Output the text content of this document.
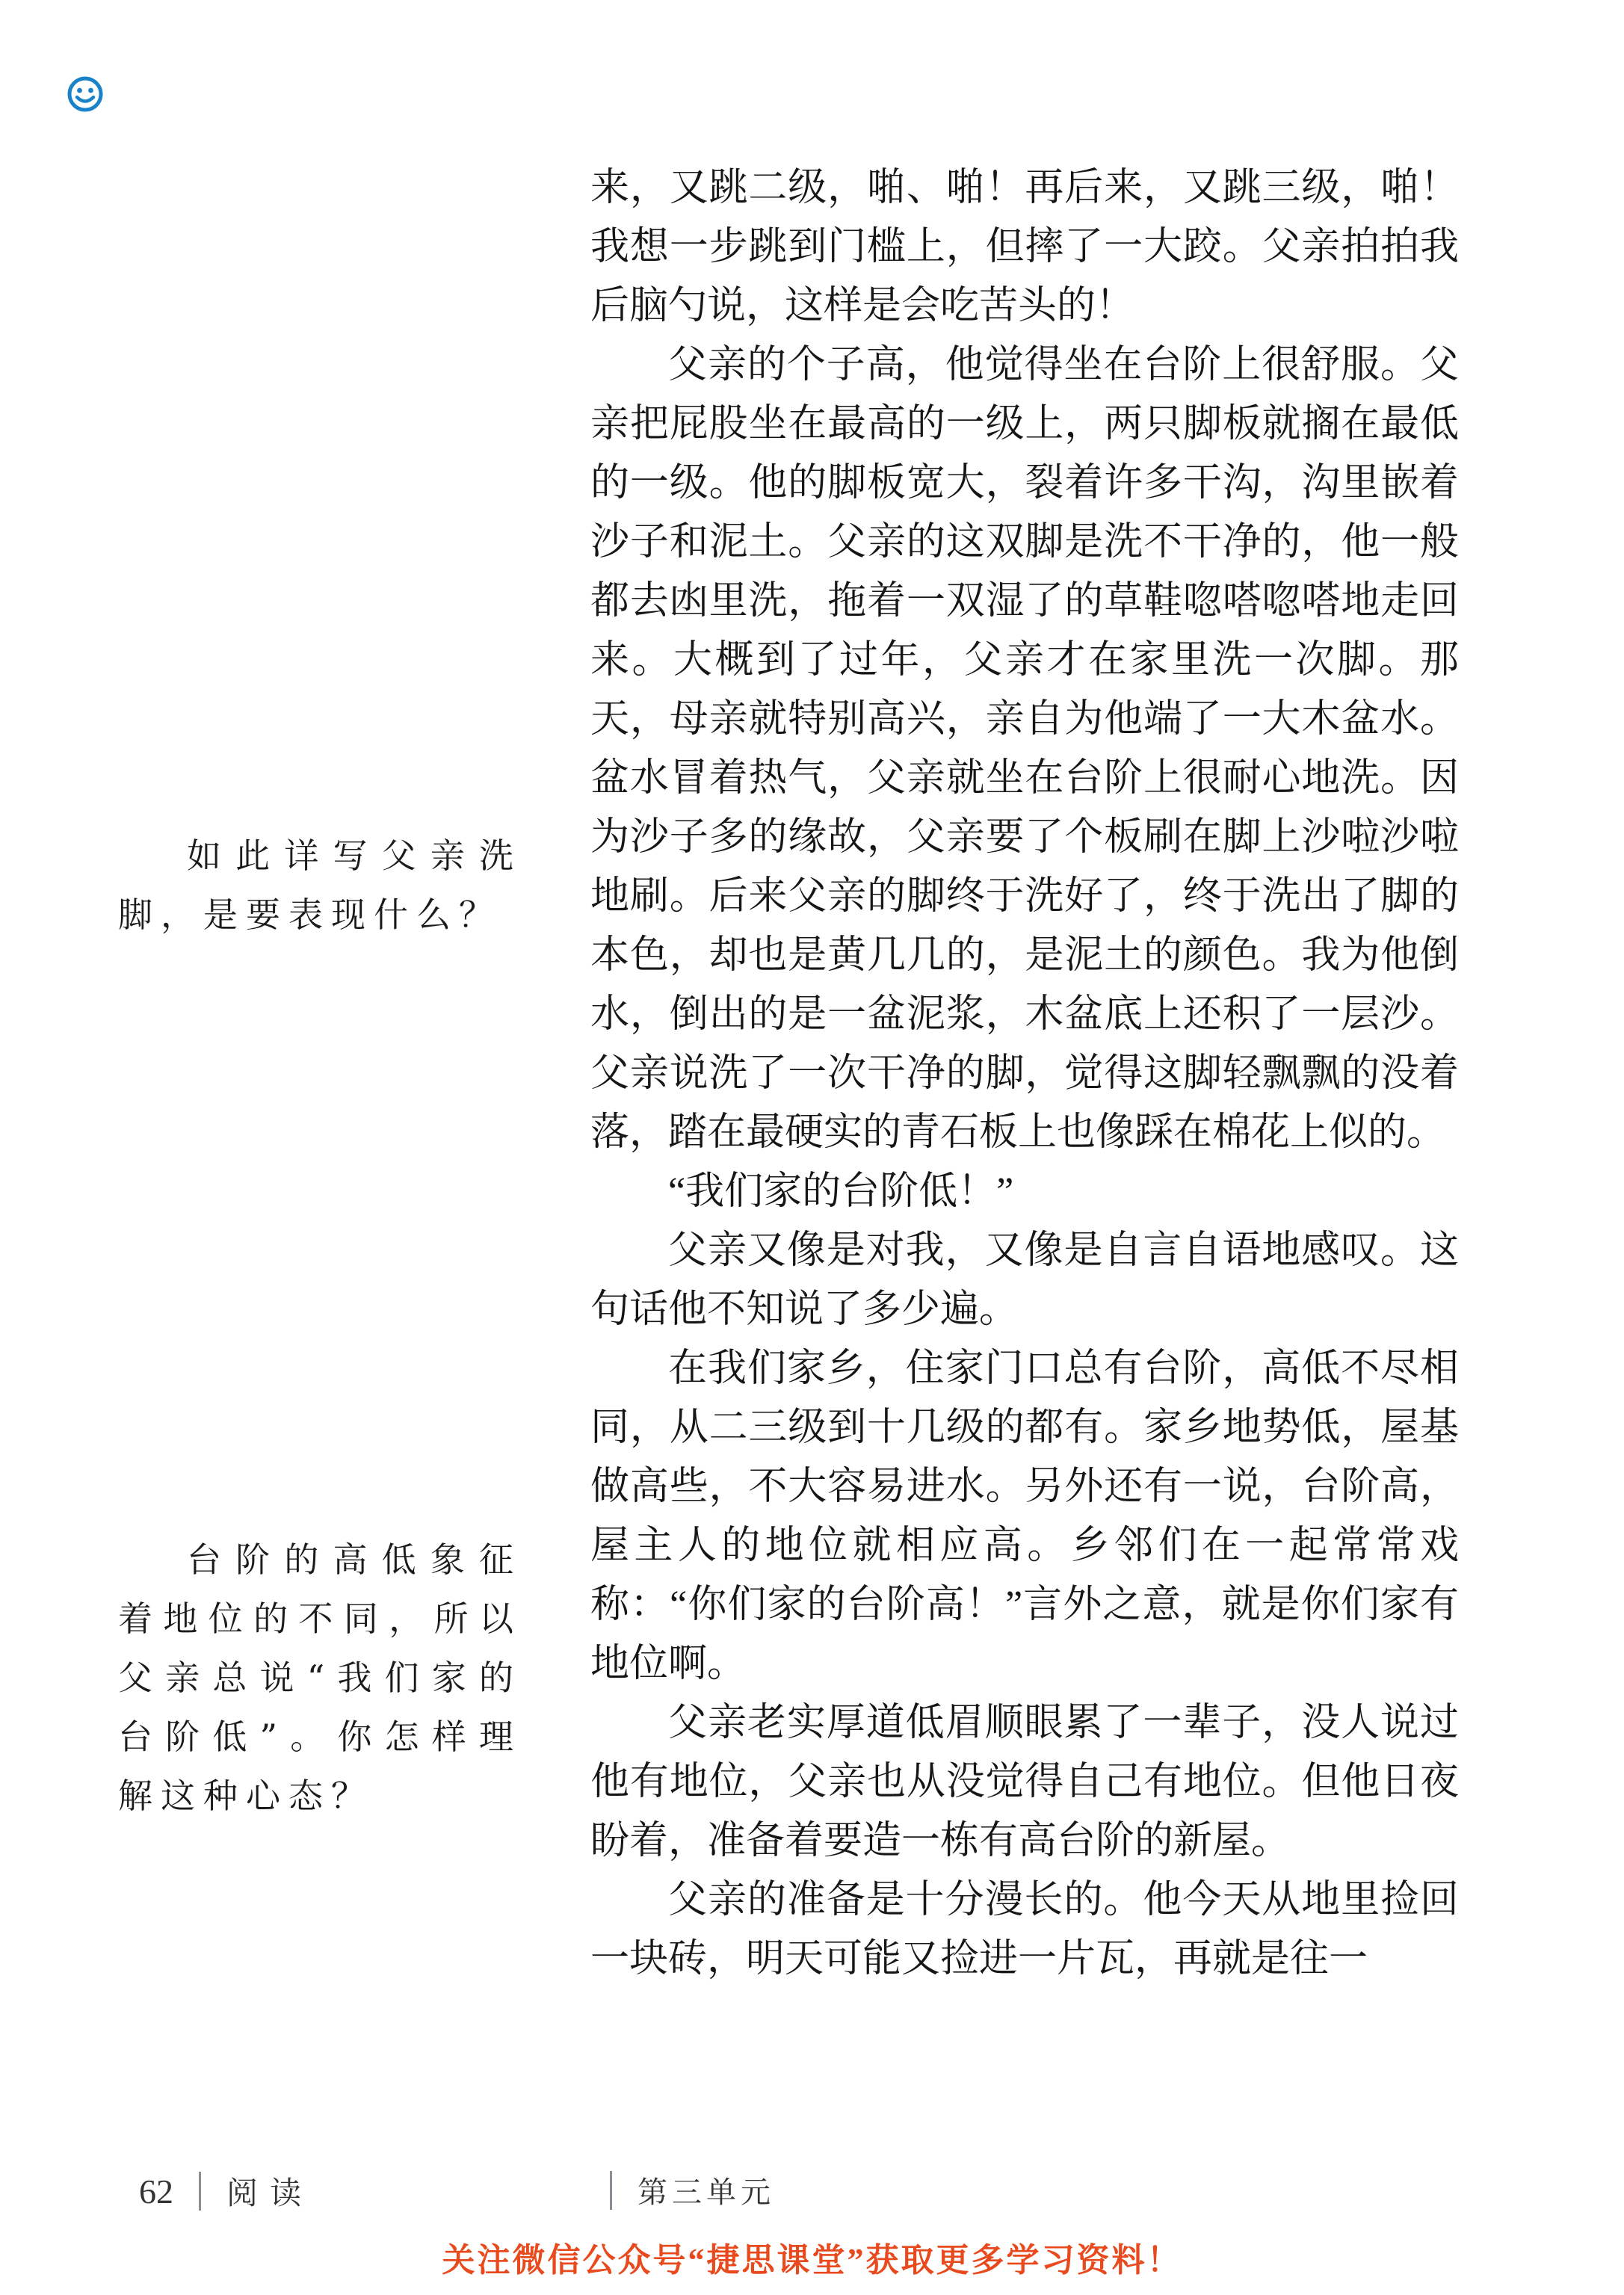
如此详写父亲洗脚，是要表现什么？

台阶的高低象征着地位的不同，所以父亲总说“我们家的台阶低”。你怎样理解这种心态？

来，又跳二级，啪、啪！再后来，又跳三级，啪！我想一步跳到门槛上，但摔了一大跤。父亲拍拍我后脑勺说，这样是会吃苦头的！

父亲的个子高，他觉得坐在台阶上很舒服。父亲把屁股坐在最高的一级上，两只脚板就搁在最低的一级。他的脚板宽大，裂着许多干沟，沟里嵌着沙子和泥土。父亲的这双脚是洗不干净的，他一般都去凼里洗，拖着一双湿了的草鞋唿嗒唿嗒地走回来。大概到了过年，父亲才在家里洗一次脚。那天，母亲就特别高兴，亲自为他端了一大木盆水。盆水冒着热气，父亲就坐在台阶上很耐心地洗。因为沙子多的缘故，父亲要了个板刷在脚上沙啦沙啦地刷。后来父亲的脚终于洗好了，终于洗出了脚的本色，却也是黄几几的，是泥土的颜色。我为他倒水，倒出的是一盆泥浆，木盆底上还积了一层沙。父亲说洗了一次干净的脚，觉得这脚轻飘飘的没着落，踏在最硬实的青石板上也像踩在棉花上似的。

“我们家的台阶低！”

父亲又像是对我，又像是自言自语地感叹。这句话他不知说了多少遍。

在我们家乡，住家门口总有台阶，高低不尽相同，从二三级到十几级的都有。家乡地势低，屋基做高些，不大容易进水。另外还有一说，台阶高，屋主人的地位就相应高。乡邻们在一起常常戏称：“你们家的台阶高！”言外之意，就是你们家有地位啊。

父亲老实厚道低眉顺眼累了一辈子，没人说过他有地位，父亲也从没觉得自己有地位。但他日夜盼着，准备着要造一栋有高台阶的新屋。

父亲的准备是十分漫长的。他今天从地里捡回一块砖，明天可能又捡进一片瓦，再就是往一

62 阅读	第三单元
关注微信公众号“捷思课堂”获取更多学习资料！
